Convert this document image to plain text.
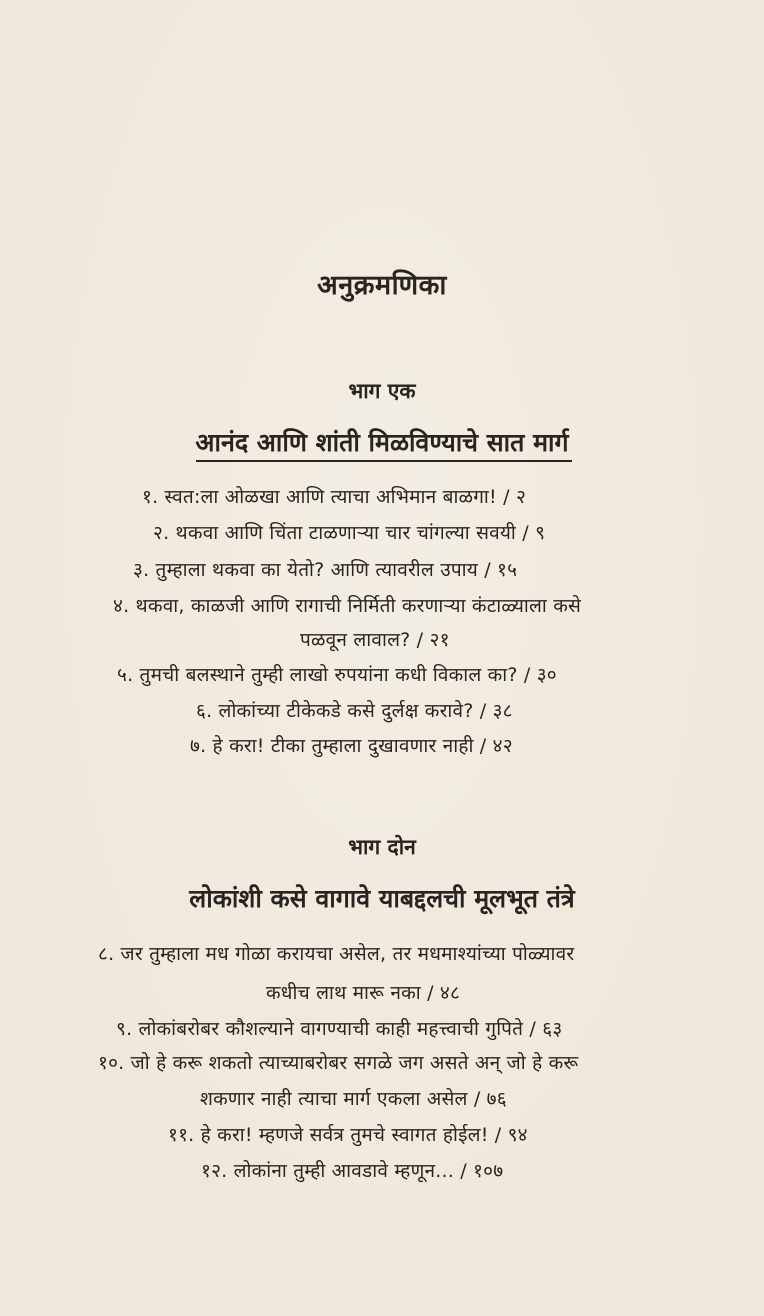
अनुक्रमणिका
भाग एक
आनंद आणि शांती मिळविण्याचे सात मार्ग
१. स्वत:ला ओळखा आणि त्याचा अभिमान बाळगा! / २
२. थकवा आणि चिंता टाळणाऱ्या चार चांगल्या सवयी / ९
३. तुम्हाला थकवा का येतो? आणि त्यावरील उपाय / १५
४. थकवा, काळजी आणि रागाची निर्मिती करणाऱ्या कंटाळ्याला कसे
पळवून लावाल? / २१
५. तुमची बलस्थाने तुम्ही लाखो रुपयांना कधी विकाल का? / ३०
६. लोकांच्या टीकेकडे कसे दुर्लक्ष करावे? / ३८
७. हे करा! टीका तुम्हाला दुखावणार नाही / ४२
भाग दोन
लोकांशी कसे वागावे याबद्दलची मूलभूत तंत्रे
८. जर तुम्हाला मध गोळा करायचा असेल, तर मधमाश्यांच्या पोळ्यावर
कधीच लाथ मारू नका / ४८
९. लोकांबरोबर कौशल्याने वागण्याची काही महत्त्वाची गुपिते / ६३
१०. जो हे करू शकतो त्याच्याबरोबर सगळे जग असते अन् जो हे करू
शकणार नाही त्याचा मार्ग एकला असेल / ७६
११. हे करा! म्हणजे सर्वत्र तुमचे स्वागत होईल! / ९४
१२. लोकांना तुम्ही आवडावे म्हणून... / १०७
